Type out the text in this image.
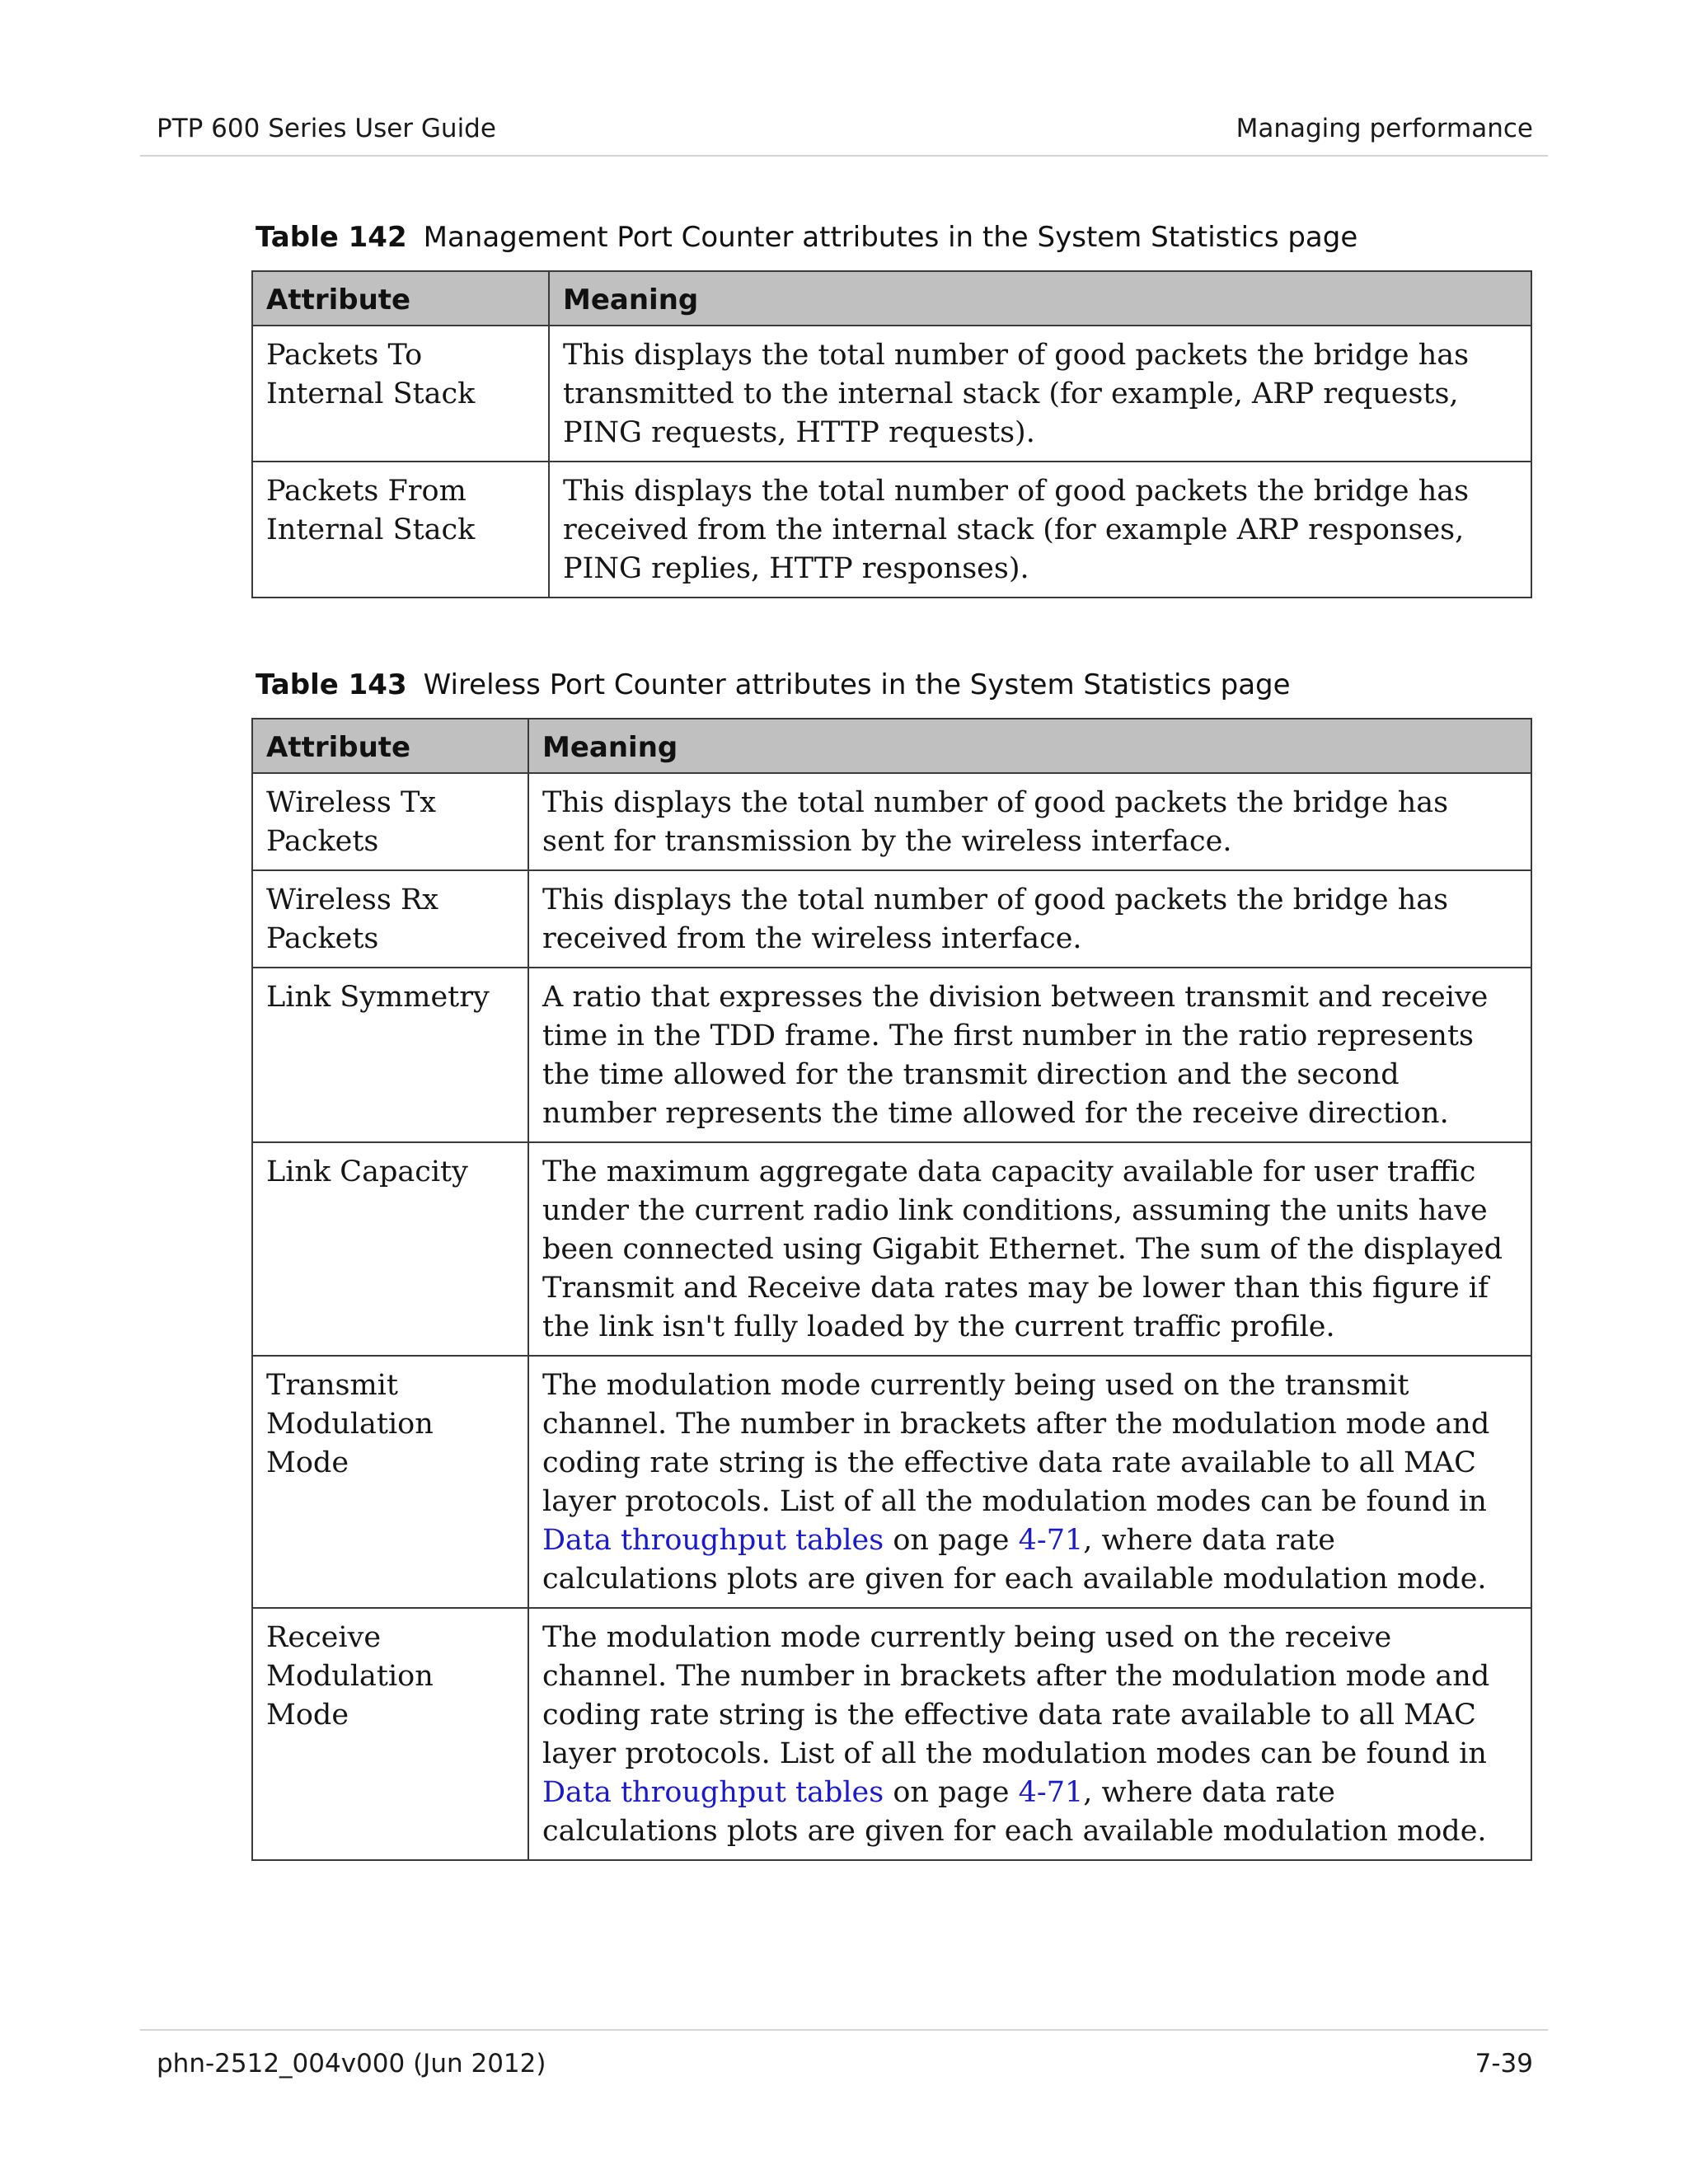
PTP 600 Series User Guide	Managing performance
Table 142 Management Port Counter attributes in the System Statistics page
Attribute	Meaning
Packets To Internal Stack	This displays the total number of good packets the bridge has transmitted to the internal stack (for example, ARP requests, PING requests, HTTP requests).
Packets From Internal Stack	This displays the total number of good packets the bridge has received from the internal stack (for example ARP responses, PING replies, HTTP responses).
Table 143 Wireless Port Counter attributes in the System Statistics page
Attribute	Meaning
Wireless Tx Packets	This displays the total number of good packets the bridge has sent for transmission by the wireless interface.
Wireless Rx Packets	This displays the total number of good packets the bridge has received from the wireless interface.
Link Symmetry	A ratio that expresses the division between transmit and receive time in the TDD frame. The first number in the ratio represents the time allowed for the transmit direction and the second number represents the time allowed for the receive direction.
Link Capacity	The maximum aggregate data capacity available for user traffic under the current radio link conditions, assuming the units have been connected using Gigabit Ethernet. The sum of the displayed Transmit and Receive data rates may be lower than this figure if the link isn't fully loaded by the current traffic profile.
Transmit Modulation Mode	The modulation mode currently being used on the transmit channel. The number in brackets after the modulation mode and coding rate string is the effective data rate available to all MAC layer protocols. List of all the modulation modes can be found in Data throughput tables on page 4-71, where data rate calculations plots are given for each available modulation mode.
Receive Modulation Mode	The modulation mode currently being used on the receive channel. The number in brackets after the modulation mode and coding rate string is the effective data rate available to all MAC layer protocols. List of all the modulation modes can be found in Data throughput tables on page 4-71, where data rate calculations plots are given for each available modulation mode.
phn-2512_004v000 (Jun 2012)	7-39
